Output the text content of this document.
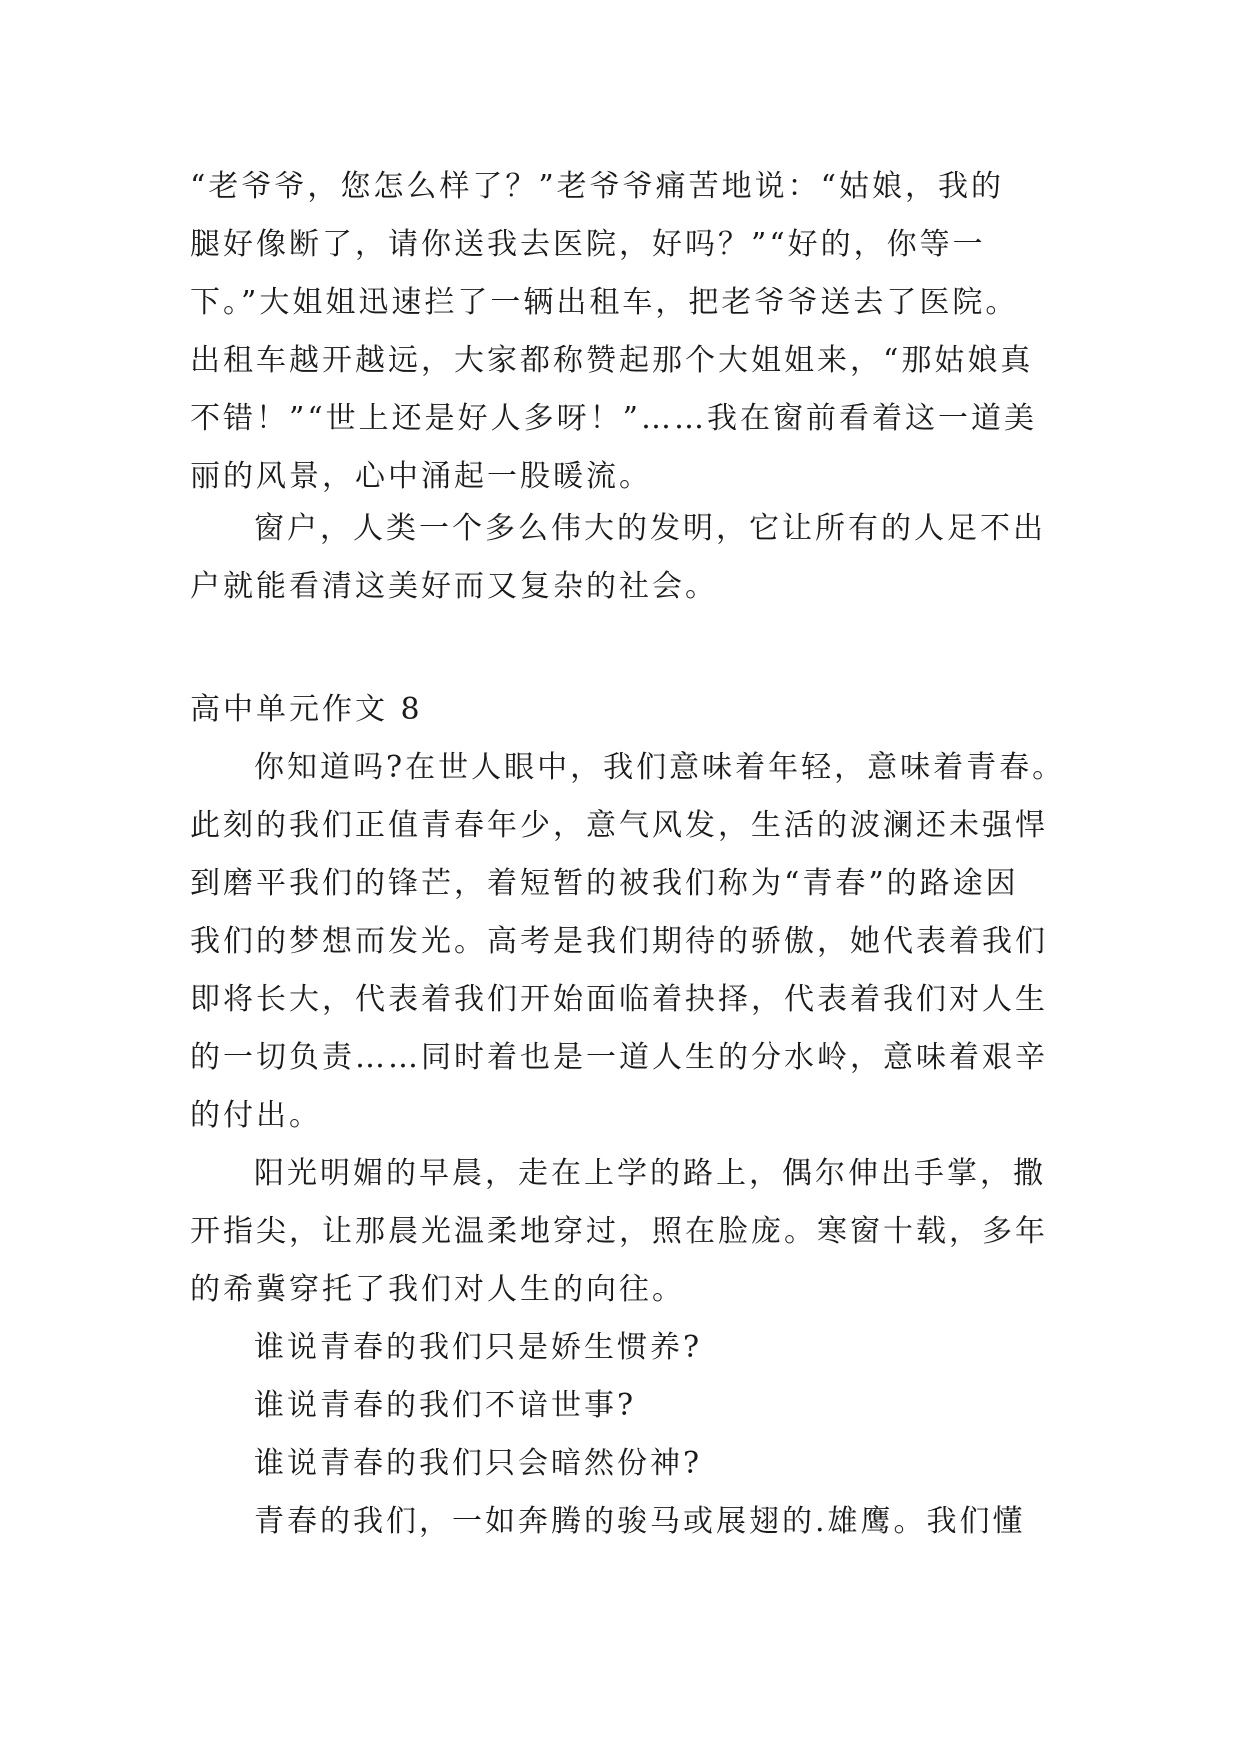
“老爷爷，您怎么样了？”老爷爷痛苦地说：“姑娘，我的
腿好像断了，请你送我去医院，好吗？”“好的，你等一
下。”大姐姐迅速拦了一辆出租车，把老爷爷送去了医院。
出租车越开越远，大家都称赞起那个大姐姐来，“那姑娘真
不错！”“世上还是好人多呀！”……我在窗前看着这一道美
丽的风景，心中涌起一股暖流。
窗户，人类一个多么伟大的发明，它让所有的人足不出
户就能看清这美好而又复杂的社会。
高中单元作文 8
你知道吗?在世人眼中，我们意味着年轻，意味着青春。
此刻的我们正值青春年少，意气风发，生活的波澜还未强悍
到磨平我们的锋芒，着短暂的被我们称为“青春”的路途因
我们的梦想而发光。高考是我们期待的骄傲，她代表着我们
即将长大，代表着我们开始面临着抉择，代表着我们对人生
的一切负责……同时着也是一道人生的分水岭，意味着艰辛
的付出。
阳光明媚的早晨，走在上学的路上，偶尔伸出手掌，撒
开指尖，让那晨光温柔地穿过，照在脸庞。寒窗十载，多年
的希冀穿托了我们对人生的向往。
谁说青春的我们只是娇生惯养?
谁说青春的我们不谙世事?
谁说青春的我们只会暗然份神?
青春的我们，一如奔腾的骏马或展翅的.雄鹰。我们懂
